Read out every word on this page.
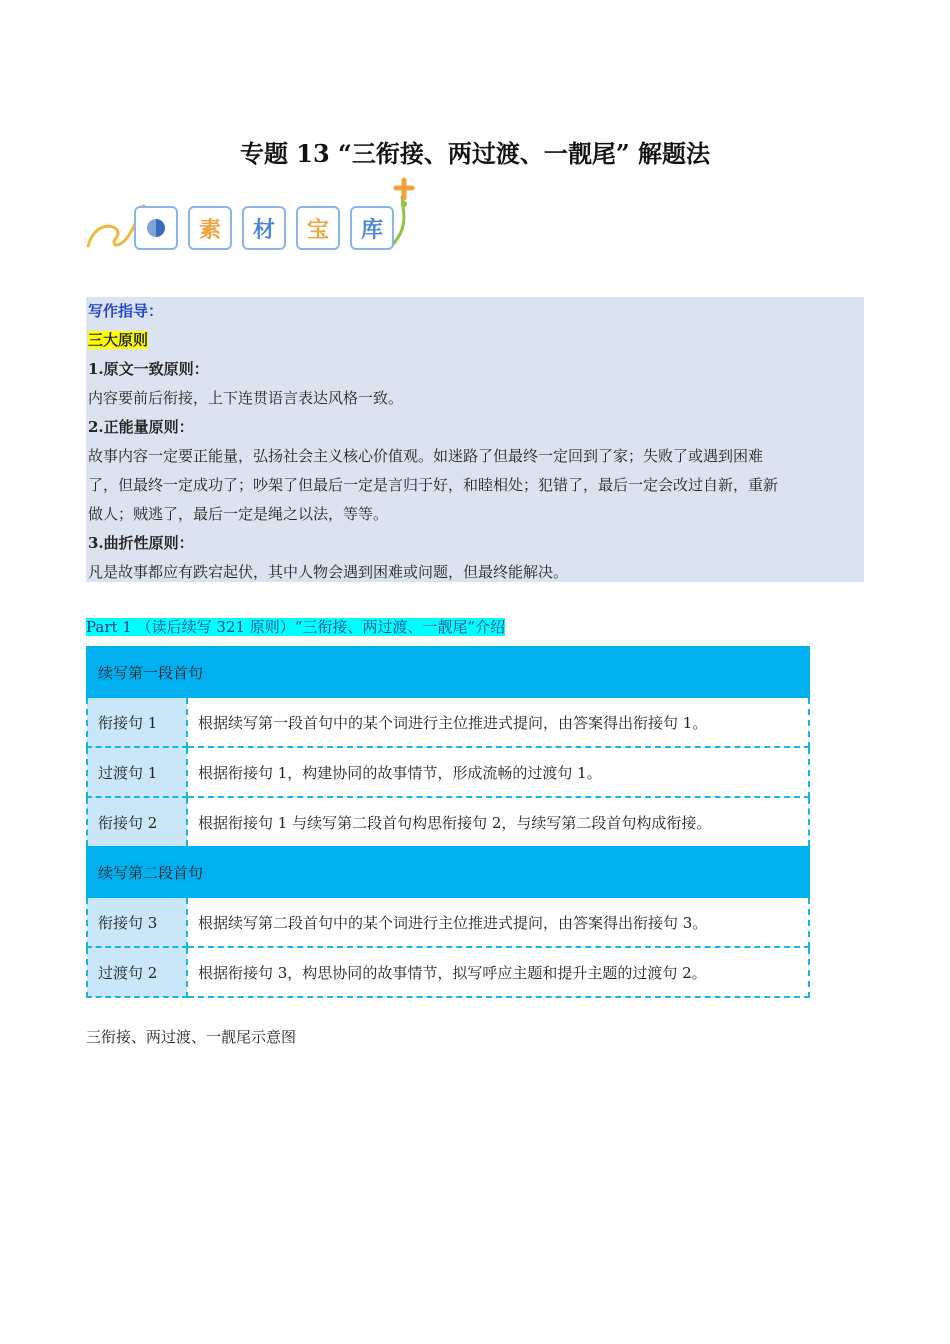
专题 13 “三衔接、两过渡、一靓尾” 解题法
素	材	宝	库
写作指导：
三大原则
1.原文一致原则：
内容要前后衔接，上下连贯语言表达风格一致。
2.正能量原则：
故事内容一定要正能量，弘扬社会主义核心价值观。如迷路了但最终一定回到了家；失败了或遇到困难
了，但最终一定成功了；吵架了但最后一定是言归于好，和睦相处；犯错了，最后一定会改过自新，重新
做人；贼逃了，最后一定是绳之以法，等等。
3.曲折性原则：
凡是故事都应有跌宕起伏，其中人物会遇到困难或问题，但最终能解决。
Part 1 （读后续写 321 原则）“三衔接、两过渡、一靓尾”介绍
续写第一段首句	
衔接句 1	根据续写第一段首句中的某个词进行主位推进式提问，由答案得出衔接句 1。
过渡句 1	根据衔接句 1，构建协同的故事情节，形成流畅的过渡句 1。
衔接句 2	根据衔接句 1 与续写第二段首句构思衔接句 2，与续写第二段首句构成衔接。
续写第二段首句	
衔接句 3	根据续写第二段首句中的某个词进行主位推进式提问，由答案得出衔接句 3。
过渡句 2	根据衔接句 3，构思协同的故事情节，拟写呼应主题和提升主题的过渡句 2。
三衔接、两过渡、一靓尾示意图
